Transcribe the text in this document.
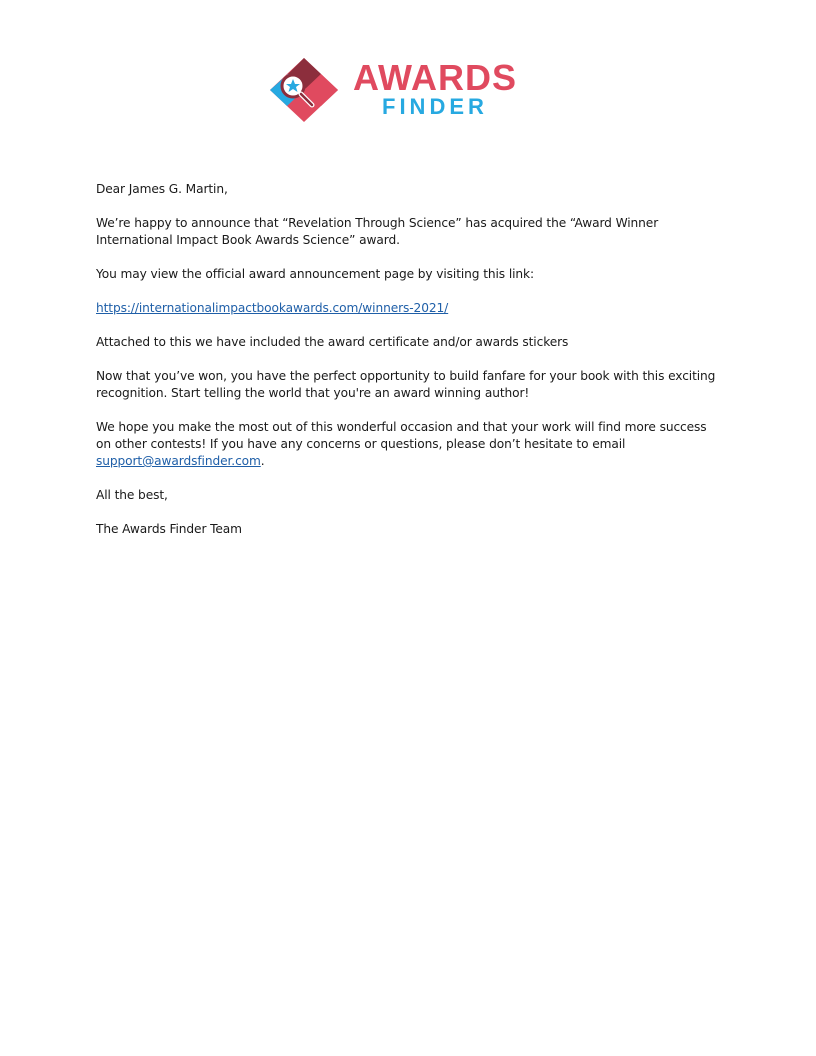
AWARDS
FINDER

Dear James G. Martin,

We’re happy to announce that “Revelation Through Science” has acquired the “Award Winner International Impact Book Awards Science” award.

You may view the official award announcement page by visiting this link:

https://internationalimpactbookawards.com/winners-2021/

Attached to this we have included the award certificate and/or awards stickers

Now that you’ve won, you have the perfect opportunity to build fanfare for your book with this exciting recognition. Start telling the world that you're an award winning author!

We hope you make the most out of this wonderful occasion and that your work will find more success on other contests! If you have any concerns or questions, please don’t hesitate to email
support@awardsfinder.com.

All the best,

The Awards Finder Team
